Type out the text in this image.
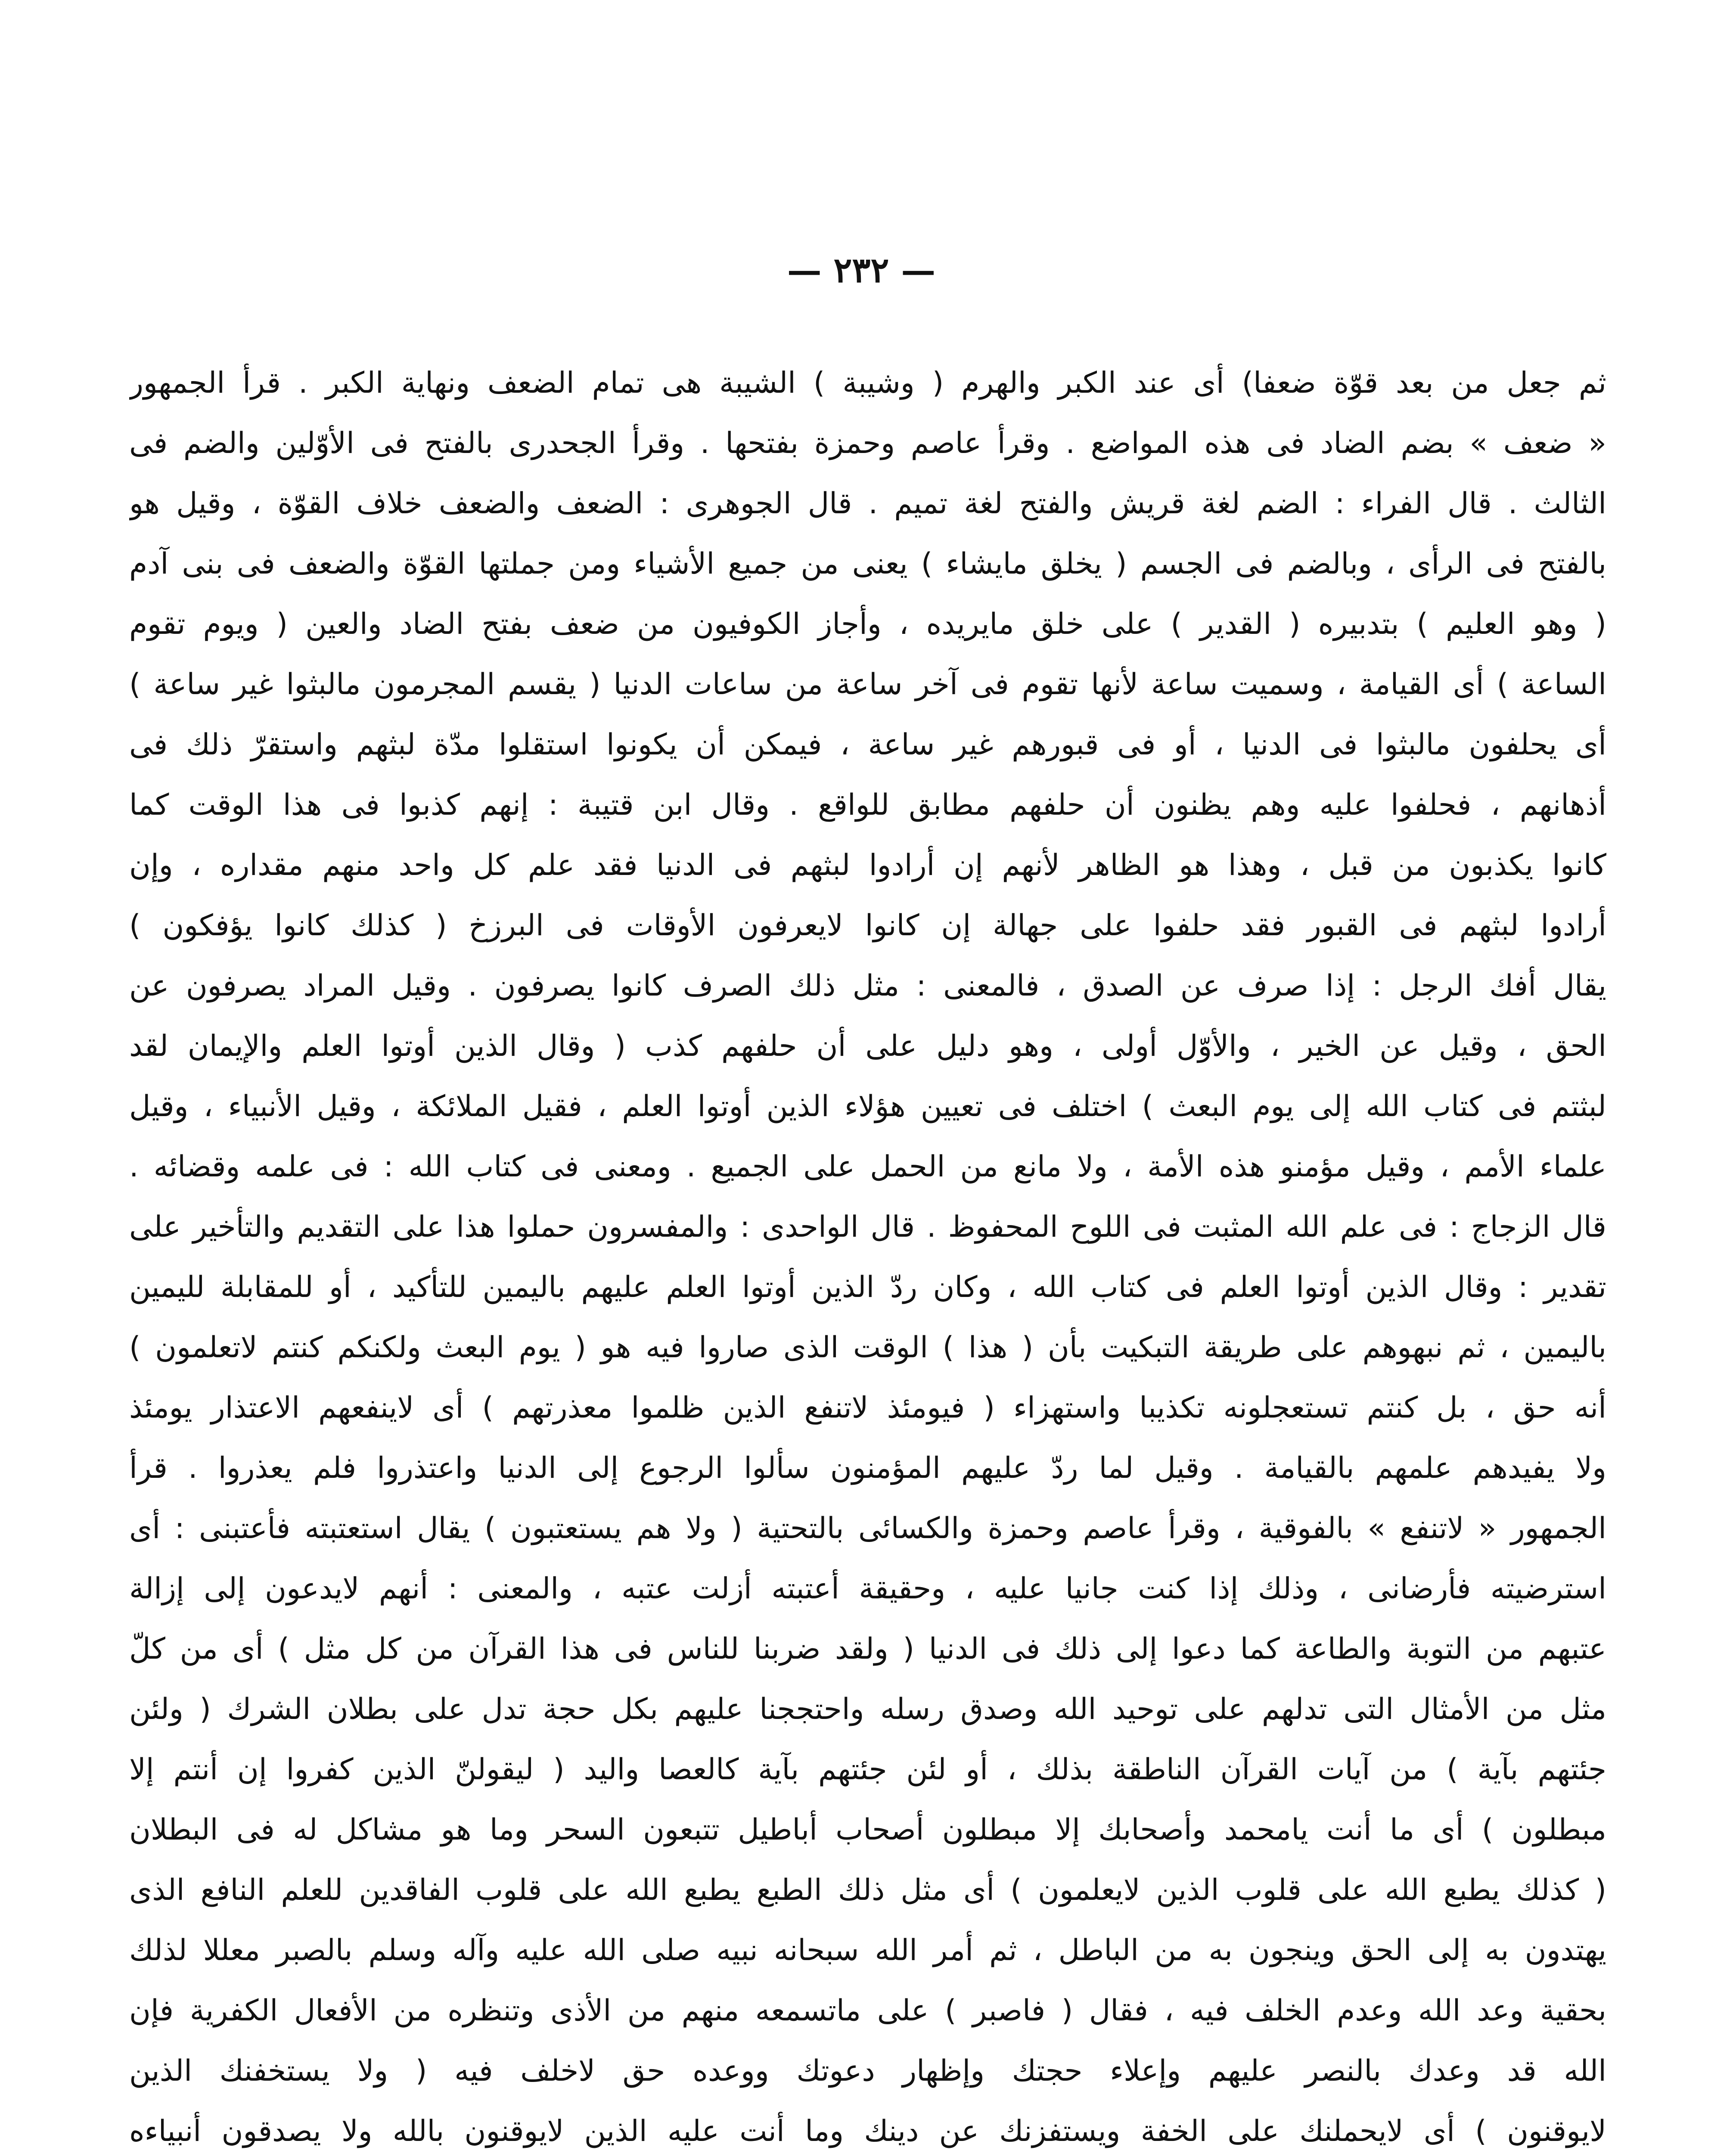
— ٢٣٢ —
ثم جعل من بعد قوّة ضعفا) أى عند الكبر والهرم ( وشيبة ) الشيبة هى تمام الضعف ونهاية الكبر . قرأ الجمهور
« ضعف » بضم الضاد فى هذه المواضع . وقرأ عاصم وحمزة بفتحها . وقرأ الجحدرى بالفتح فى الأوّلين والضم فى
الثالث . قال الفراء : الضم لغة قريش والفتح لغة تميم . قال الجوهرى : الضعف والضعف خلاف القوّة ، وقيل هو
بالفتح فى الرأى ، وبالضم فى الجسم ( يخلق مايشاء ) يعنى من جميع الأشياء ومن جملتها القوّة والضعف فى بنى آدم
( وهو العليم ) بتدبيره ( القدير ) على خلق مايريده ، وأجاز الكوفيون من ضعف بفتح الضاد والعين ( ويوم تقوم
الساعة ) أى القيامة ، وسميت ساعة لأنها تقوم فى آخر ساعة من ساعات الدنيا ( يقسم المجرمون مالبثوا غير ساعة )
أى يحلفون مالبثوا فى الدنيا ، أو فى قبورهم غير ساعة ، فيمكن أن يكونوا استقلوا مدّة لبثهم واستقرّ ذلك فى
أذهانهم ، فحلفوا عليه وهم يظنون أن حلفهم مطابق للواقع . وقال ابن قتيبة : إنهم كذبوا فى هذا الوقت كما
كانوا يكذبون من قبل ، وهذا هو الظاهر لأنهم إن أرادوا لبثهم فى الدنيا فقد علم كل واحد منهم مقداره ، وإن
أرادوا لبثهم فى القبور فقد حلفوا على جهالة إن كانوا لايعرفون الأوقات فى البرزخ ( كذلك كانوا يؤفكون )
يقال أفك الرجل : إذا صرف عن الصدق ، فالمعنى : مثل ذلك الصرف كانوا يصرفون . وقيل المراد يصرفون عن
الحق ، وقيل عن الخير ، والأوّل أولى ، وهو دليل على أن حلفهم كذب ( وقال الذين أوتوا العلم والإيمان لقد
لبثتم فى كتاب الله إلى يوم البعث ) اختلف فى تعيين هؤلاء الذين أوتوا العلم ، فقيل الملائكة ، وقيل الأنبياء ، وقيل
علماء الأمم ، وقيل مؤمنو هذه الأمة ، ولا مانع من الحمل على الجميع . ومعنى فى كتاب الله : فى علمه وقضائه .
قال الزجاج : فى علم الله المثبت فى اللوح المحفوظ . قال الواحدى : والمفسرون حملوا هذا على التقديم والتأخير على
تقدير : وقال الذين أوتوا العلم فى كتاب الله ، وكان ردّ الذين أوتوا العلم عليهم باليمين للتأكيد ، أو للمقابلة لليمين
باليمين ، ثم نبهوهم على طريقة التبكيت بأن ( هذا ) الوقت الذى صاروا فيه هو ( يوم البعث ولكنكم كنتم لاتعلمون )
أنه حق ، بل كنتم تستعجلونه تكذيبا واستهزاء ( فيومئذ لاتنفع الذين ظلموا معذرتهم ) أى لاينفعهم الاعتذار يومئذ
ولا يفيدهم علمهم بالقيامة . وقيل لما ردّ عليهم المؤمنون سألوا الرجوع إلى الدنيا واعتذروا فلم يعذروا . قرأ
الجمهور « لاتنفع » بالفوقية ، وقرأ عاصم وحمزة والكسائى بالتحتية ( ولا هم يستعتبون ) يقال استعتبته فأعتبنى : أى
استرضيته فأرضانى ، وذلك إذا كنت جانيا عليه ، وحقيقة أعتبته أزلت عتبه ، والمعنى : أنهم لايدعون إلى إزالة
عتبهم من التوبة والطاعة كما دعوا إلى ذلك فى الدنيا ( ولقد ضربنا للناس فى هذا القرآن من كل مثل ) أى من كلّ
مثل من الأمثال التى تدلهم على توحيد الله وصدق رسله واحتججنا عليهم بكل حجة تدل على بطلان الشرك ( ولئن
جئتهم بآية ) من آيات القرآن الناطقة بذلك ، أو لئن جئتهم بآية كالعصا واليد ( ليقولنّ الذين كفروا إن أنتم إلا
مبطلون ) أى ما أنت يامحمد وأصحابك إلا مبطلون أصحاب أباطيل تتبعون السحر وما هو مشاكل له فى البطلان
( كذلك يطبع الله على قلوب الذين لايعلمون ) أى مثل ذلك الطبع يطبع الله على قلوب الفاقدين للعلم النافع الذى
يهتدون به إلى الحق وينجون به من الباطل ، ثم أمر الله سبحانه نبيه صلى الله عليه وآله وسلم بالصبر معللا لذلك
بحقية وعد الله وعدم الخلف فيه ، فقال ( فاصبر ) على ماتسمعه منهم من الأذى وتنظره من الأفعال الكفرية فإن
الله قد وعدك بالنصر عليهم وإعلاء حجتك وإظهار دعوتك ووعده حق لاخلف فيه ( ولا يستخفنك الذين
لايوقنون ) أى لايحملنك على الخفة ويستفزنك عن دينك وما أنت عليه الذين لايوقنون بالله ولا يصدقون أنبياءه
